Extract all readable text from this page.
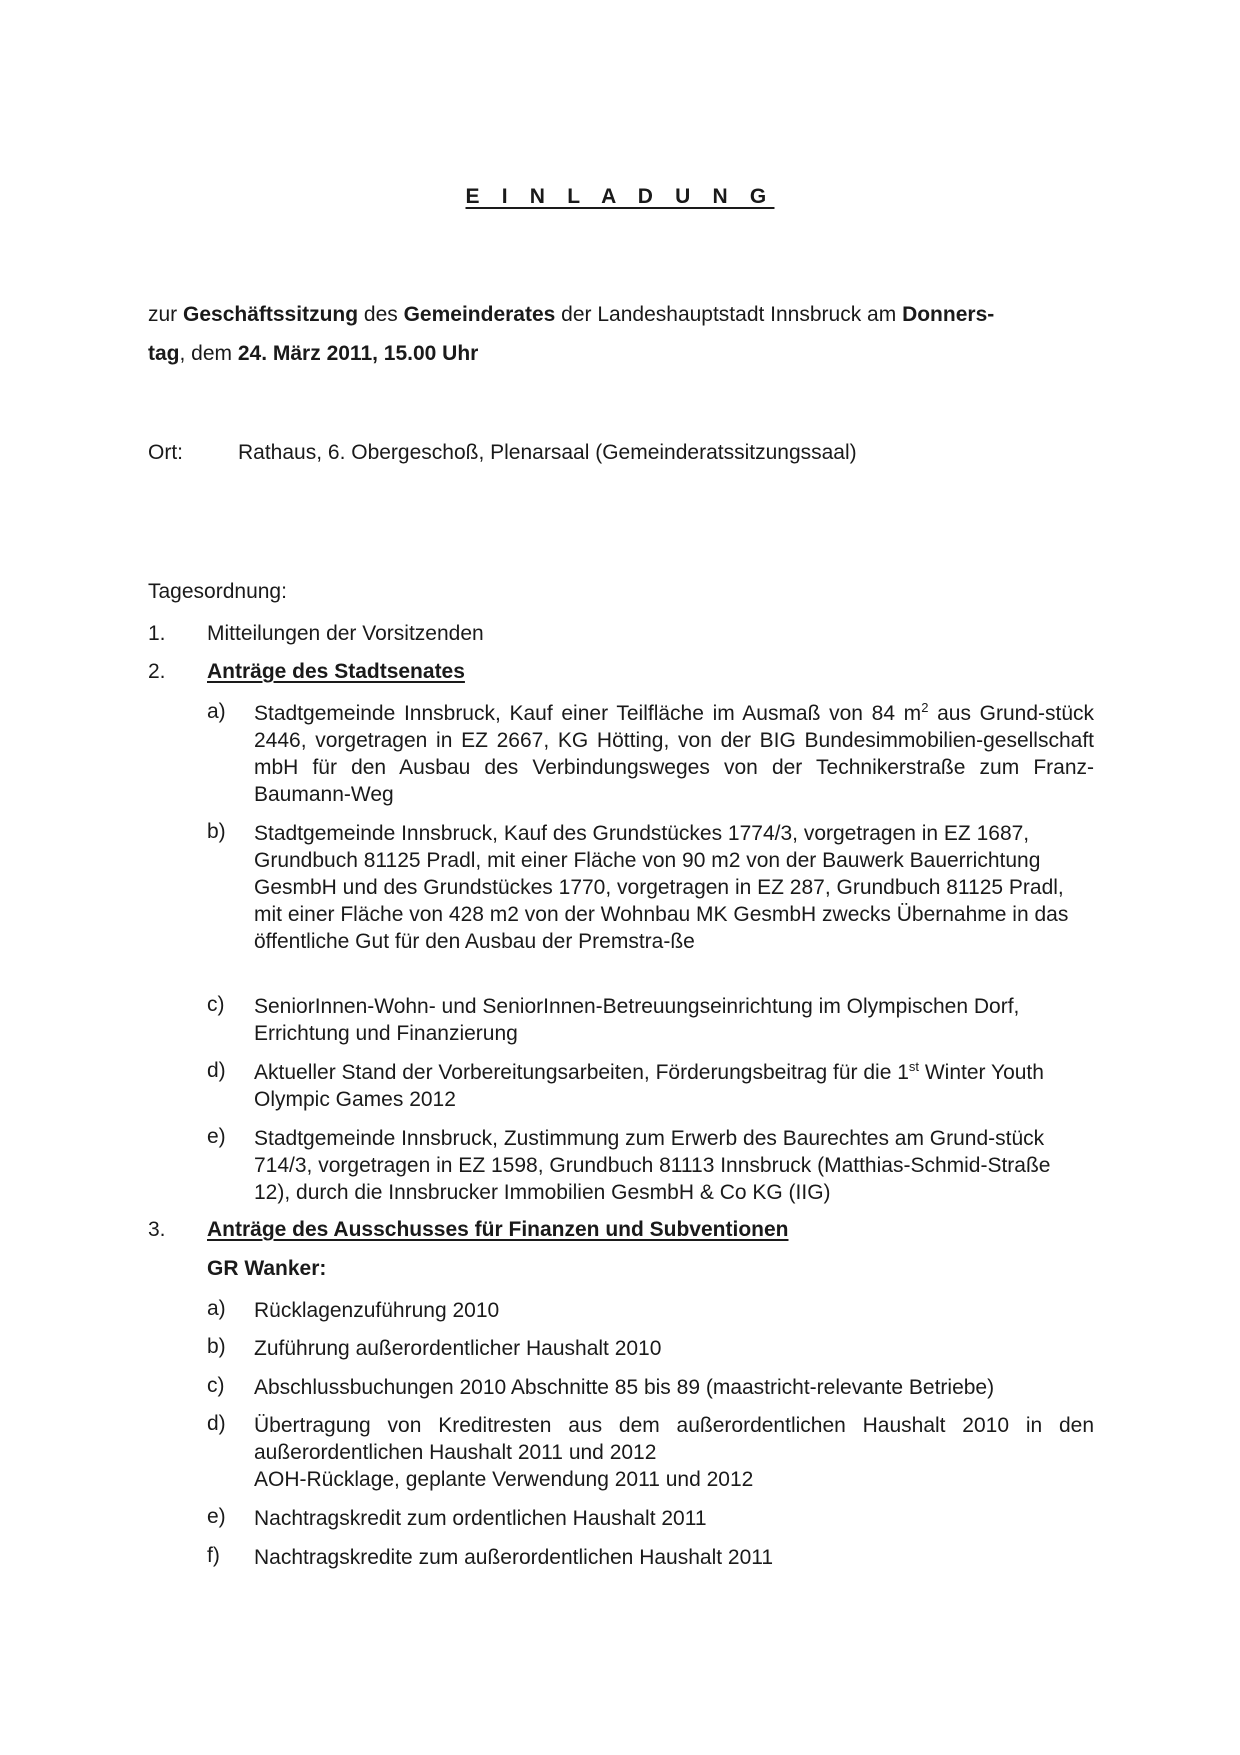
E I N L A D U N G
zur Geschäftssitzung des Gemeinderates der Landeshauptstadt Innsbruck am Donners-
tag, dem 24. März 2011, 15.00 Uhr
Ort:	Rathaus, 6. Obergeschoß, Plenarsaal (Gemeinderatssitzungssaal)
Tagesordnung:
1. Mitteilungen der Vorsitzenden
2. Anträge des Stadtsenates
a) Stadtgemeinde Innsbruck, Kauf einer Teilfläche im Ausmaß von 84 $m^2$ aus Grund-stück 2446, vorgetragen in EZ 2667, KG Hötting, von der BIG Bundesimmobilien-gesellschaft mbH für den Ausbau des Verbindungsweges von der Technikerstraße zum Franz-Baumann-Weg
b) Stadtgemeinde Innsbruck, Kauf des Grundstückes 1774/3, vorgetragen in EZ 1687, Grundbuch 81125 Pradl, mit einer Fläche von 90 m2 von der Bauwerk Bauerrichtung GesmbH und des Grundstückes 1770, vorgetragen in EZ 287, Grundbuch 81125 Pradl, mit einer Fläche von 428 m2 von der Wohnbau MK GesmbH zwecks Übernahme in das öffentliche Gut für den Ausbau der Premstra-ße
c) SeniorInnen-Wohn- und SeniorInnen-Betreuungseinrichtung im Olympischen Dorf, Errichtung und Finanzierung
d) Aktueller Stand der Vorbereitungsarbeiten, Förderungsbeitrag für die 1st Winter Youth Olympic Games 2012
e) Stadtgemeinde Innsbruck, Zustimmung zum Erwerb des Baurechtes am Grund-stück 714/3, vorgetragen in EZ 1598, Grundbuch 81113 Innsbruck (Matthias-Schmid-Straße 12), durch die Innsbrucker Immobilien GesmbH & Co KG (IIG)
3. Anträge des Ausschusses für Finanzen und Subventionen
GR Wanker:
a) Rücklagenzuführung 2010
b) Zuführung außerordentlicher Haushalt 2010
c) Abschlussbuchungen 2010 Abschnitte 85 bis 89 (maastricht-relevante Betriebe)
d) Übertragung von Kreditresten aus dem außerordentlichen Haushalt 2010 in den außerordentlichen Haushalt 2011 und 2012
AOH-Rücklage, geplante Verwendung 2011 und 2012
e) Nachtragskredit zum ordentlichen Haushalt 2011
f) Nachtragskredite zum außerordentlichen Haushalt 2011
